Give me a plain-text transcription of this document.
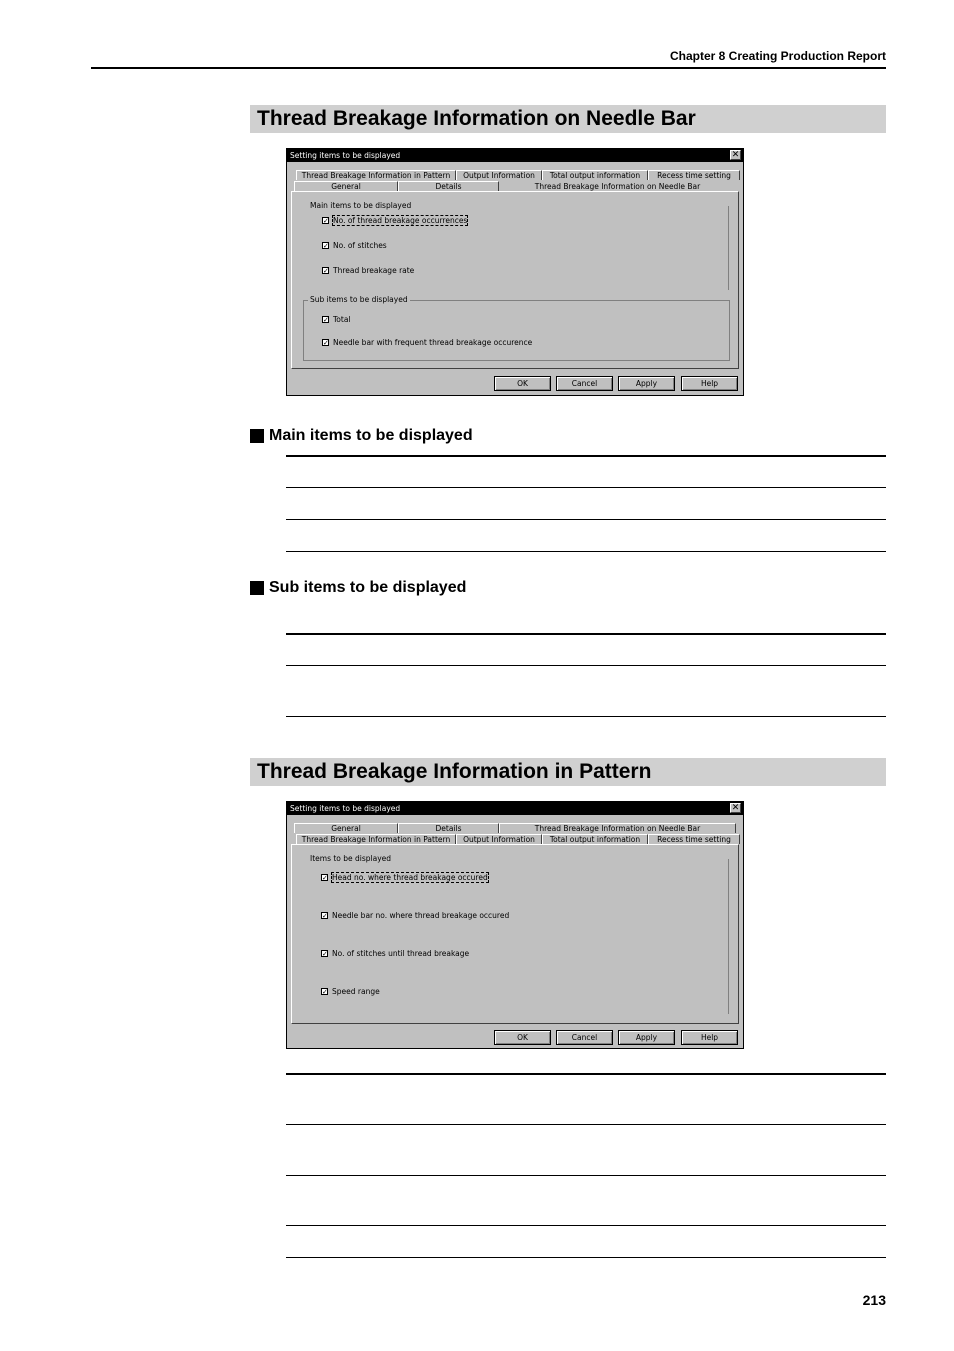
Chapter 8 Creating Production Report
Thread Breakage Information on Needle Bar
Setting items to be displayed	✕
Thread Breakage Information in Pattern	Output Information	Total output information	Recess time setting
General	Details	Thread Breakage Information on Needle Bar
Main items to be displayed
✓ No. of thread breakage occurrences
✓ No. of stitches
✓ Thread breakage rate
Sub items to be displayed
✓ Total
✓ Needle bar with frequent thread breakage occurence
OK	Cancel	Apply	Help
Main items to be displayed
Sub items to be displayed
Thread Breakage Information in Pattern
Setting items to be displayed	✕
General	Details	Thread Breakage Information on Needle Bar
Thread Breakage Information in Pattern	Output Information	Total output information	Recess time setting
Items to be displayed
✓ Head no. where thread breakage occured
✓ Needle bar no. where thread breakage occured
✓ No. of stitches until thread breakage
✓ Speed range
OK	Cancel	Apply	Help
213
